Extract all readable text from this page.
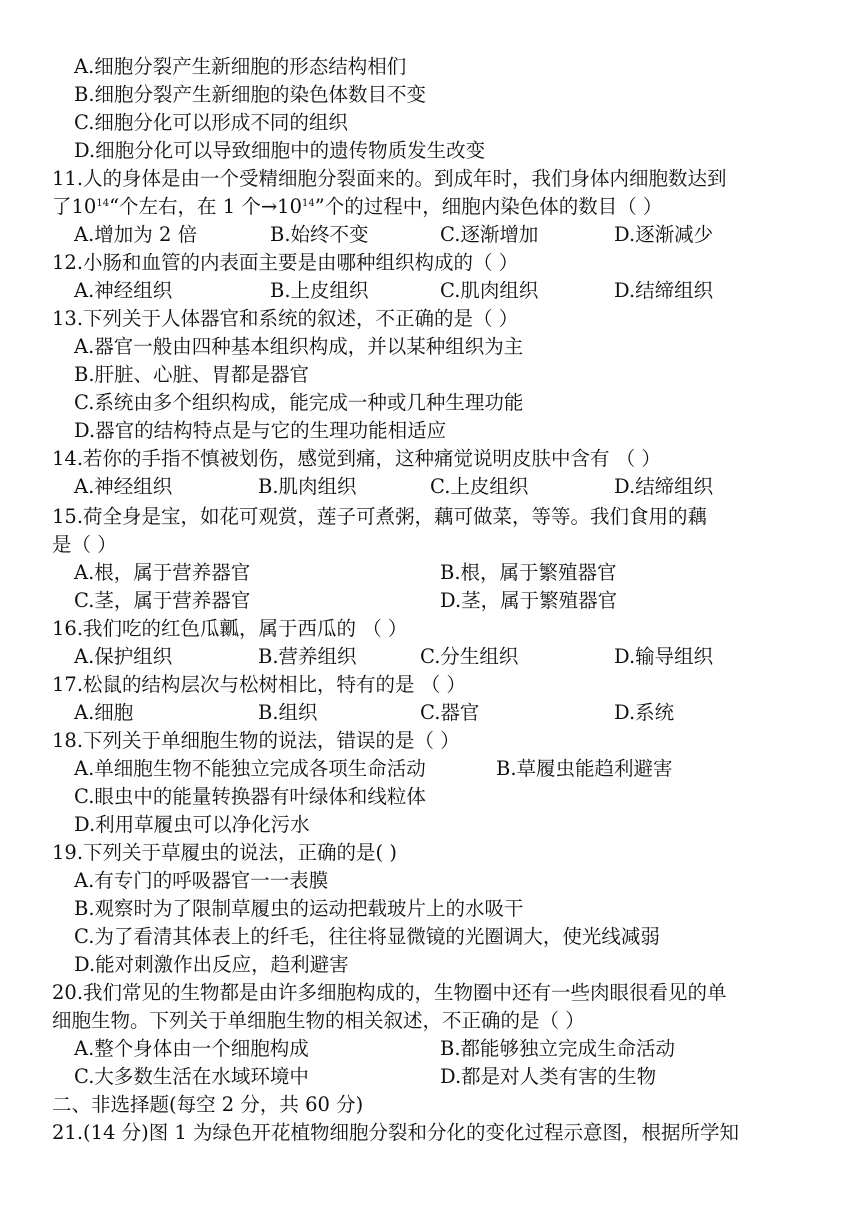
A.细胞分裂产生新细胞的形态结构相们
B.细胞分裂产生新细胞的染色体数目不变
C.细胞分化可以形成不同的组织
D.细胞分化可以导致细胞中的遗传物质发生改变
11.人的身体是由一个受精细胞分裂面来的。到成年时，我们身体内细胞数达到
了$10^{14}“$个左右，在 1 个$\to 10^{14}$”个的过程中，细胞内染色体的数目（ ）
A.增加为 2 倍	B.始终不变	C.逐渐增加	D.逐渐减少
12.小肠和血管的内表面主要是由哪种组织构成的（ ）
A.神经组织	B.上皮组织	C.肌肉组织	D.结缔组织
13.下列关于人体器官和系统的叙述，不正确的是（ ）
A.器官一般由四种基本组织构成，并以某种组织为主
B.肝脏、心脏、胃都是器官
C.系统由多个组织构成，能完成一种或几种生理功能
D.器官的结构特点是与它的生理功能相适应
14.若你的手指不慎被划伤，感觉到痛，这种痛觉说明皮肤中含有 （ ）
A.神经组织	B.肌肉组织	C.上皮组织	D.结缔组织
15.荷全身是宝，如花可观赏，莲子可煮粥，藕可做菜，等等。我们食用的藕
是（ ）
A.根，属于营养器官	B.根，属于繁殖器官
C.茎，属于营养器官	D.茎，属于繁殖器官
16.我们吃的红色瓜瓤，属于西瓜的 （ ）
A.保护组织	B.营养组织	C.分生组织	D.输导组织
17.松鼠的结构层次与松树相比，特有的是 （ ）
A.细胞	B.组织	C.器官	D.系统
18.下列关于单细胞生物的说法，错误的是（ ）
A.单细胞生物不能独立完成各项生命活动	B.草履虫能趋利避害
C.眼虫中的能量转换器有叶绿体和线粒体
D.利用草履虫可以净化污水
19.下列关于草履虫的说法，正确的是( )
A.有专门的呼吸器官一一表膜
B.观察时为了限制草履虫的运动把载玻片上的水吸干
C.为了看清其体表上的纤毛，往往将显微镜的光圈调大，使光线减弱
D.能对刺激作出反应，趋利避害
20.我们常见的生物都是由许多细胞构成的，生物圈中还有一些肉眼很看见的单
细胞生物。下列关于单细胞生物的相关叙述，不正确的是（ ）
A.整个身体由一个细胞构成	B.都能够独立完成生命活动
C.大多数生活在水域环境中	D.都是对人类有害的生物
二、非选择题(每空 2 分，共 60 分)
21.(14 分)图 1 为绿色开花植物细胞分裂和分化的变化过程示意图，根据所学知
